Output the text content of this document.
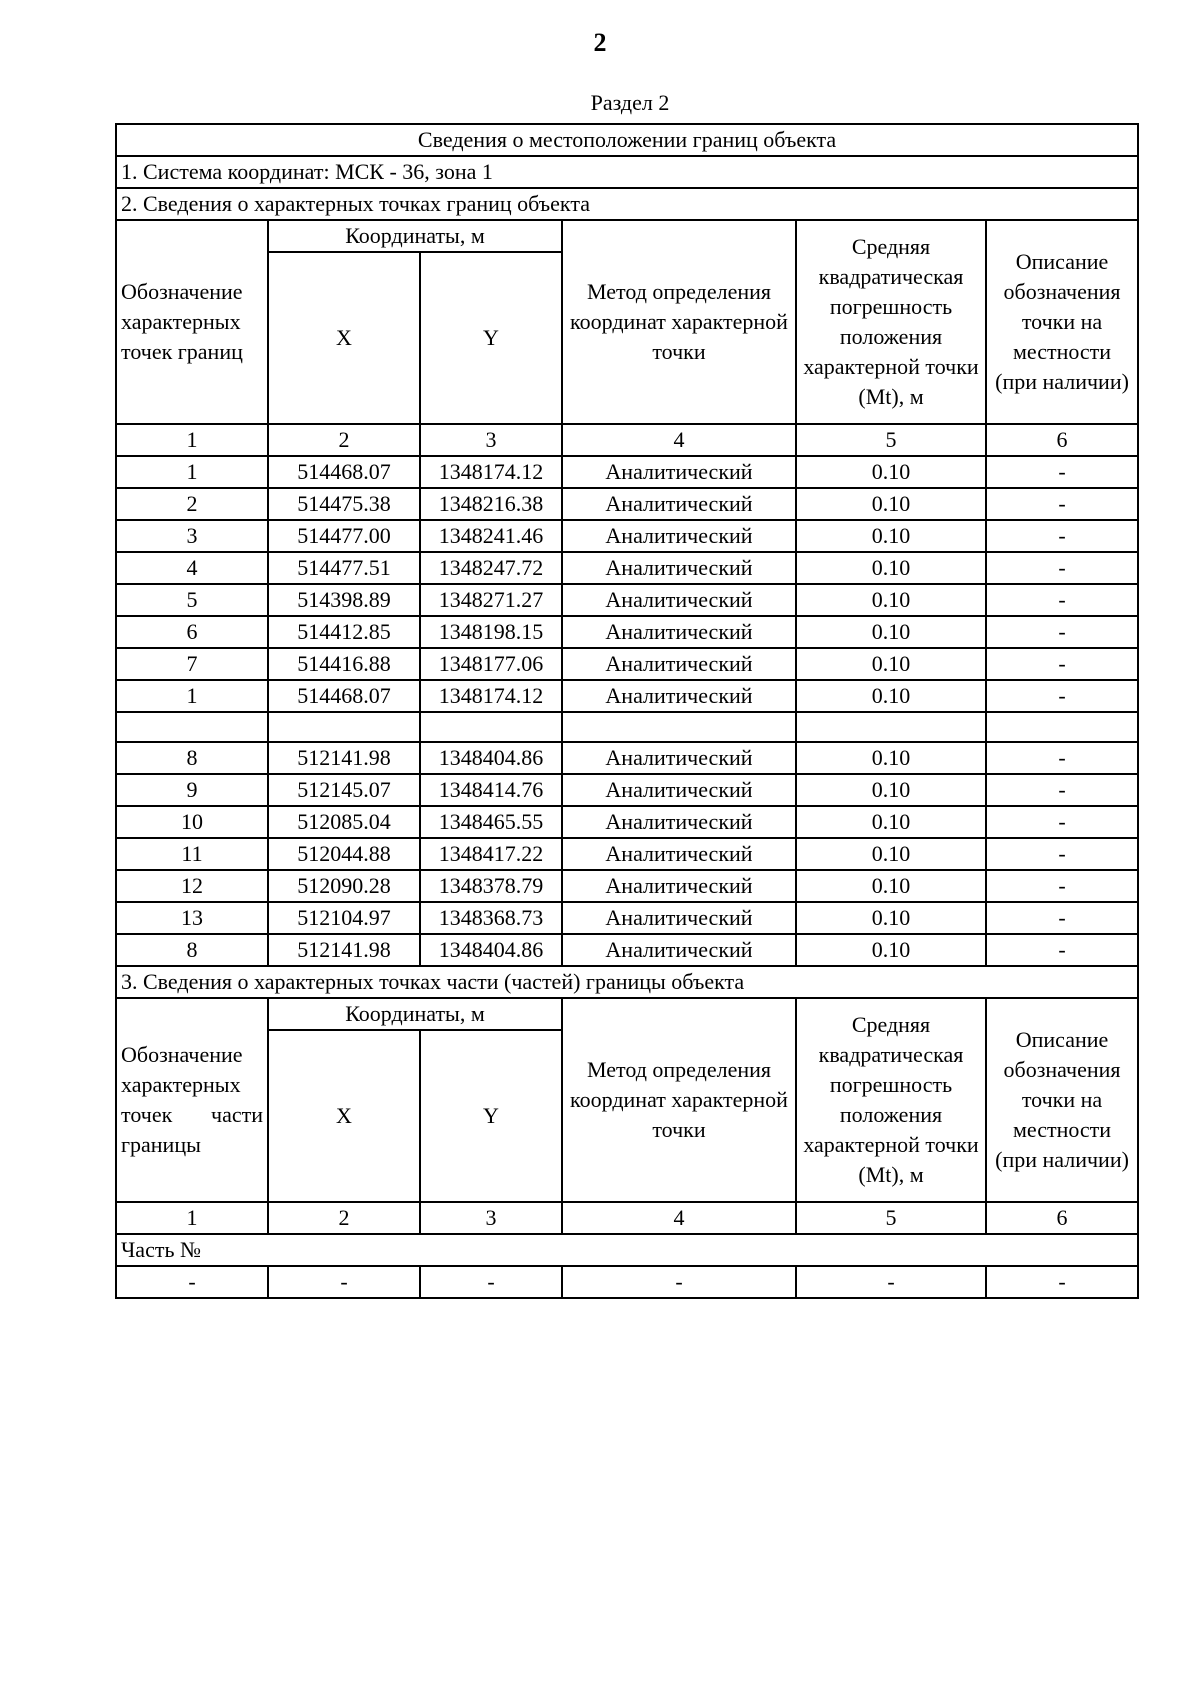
2
Раздел 2
Сведения о местоположении границ объекта					
1. Система координат: МСК - 36, зона 1					
2. Сведения о характерных точках границ объекта					
Обозначение характерных точек границ	Координаты, м		Метод определения координат характерной точки	Средняя квадратическая погрешность положения характерной точки (Mt), м	Описание обозначения точки на местности (при наличии)
	X	Y			
1	2	3	4	5	6
1	514468.07	1348174.12	Аналитический	0.10	-
2	514475.38	1348216.38	Аналитический	0.10	-
3	514477.00	1348241.46	Аналитический	0.10	-
4	514477.51	1348247.72	Аналитический	0.10	-
5	514398.89	1348271.27	Аналитический	0.10	-
6	514412.85	1348198.15	Аналитический	0.10	-
7	514416.88	1348177.06	Аналитический	0.10	-
1	514468.07	1348174.12	Аналитический	0.10	-

8	512141.98	1348404.86	Аналитический	0.10	-
9	512145.07	1348414.76	Аналитический	0.10	-
10	512085.04	1348465.55	Аналитический	0.10	-
11	512044.88	1348417.22	Аналитический	0.10	-
12	512090.28	1348378.79	Аналитический	0.10	-
13	512104.97	1348368.73	Аналитический	0.10	-
8	512141.98	1348404.86	Аналитический	0.10	-
3. Сведения о характерных точках части (частей) границы объекта					
Обозначение характерных точек части границы	Координаты, м		Метод определения координат характерной точки	Средняя квадратическая погрешность положения характерной точки (Mt), м	Описание обозначения точки на местности (при наличии)
	X	Y			
1	2	3	4	5	6
Часть №					
-	-	-	-	-	-
